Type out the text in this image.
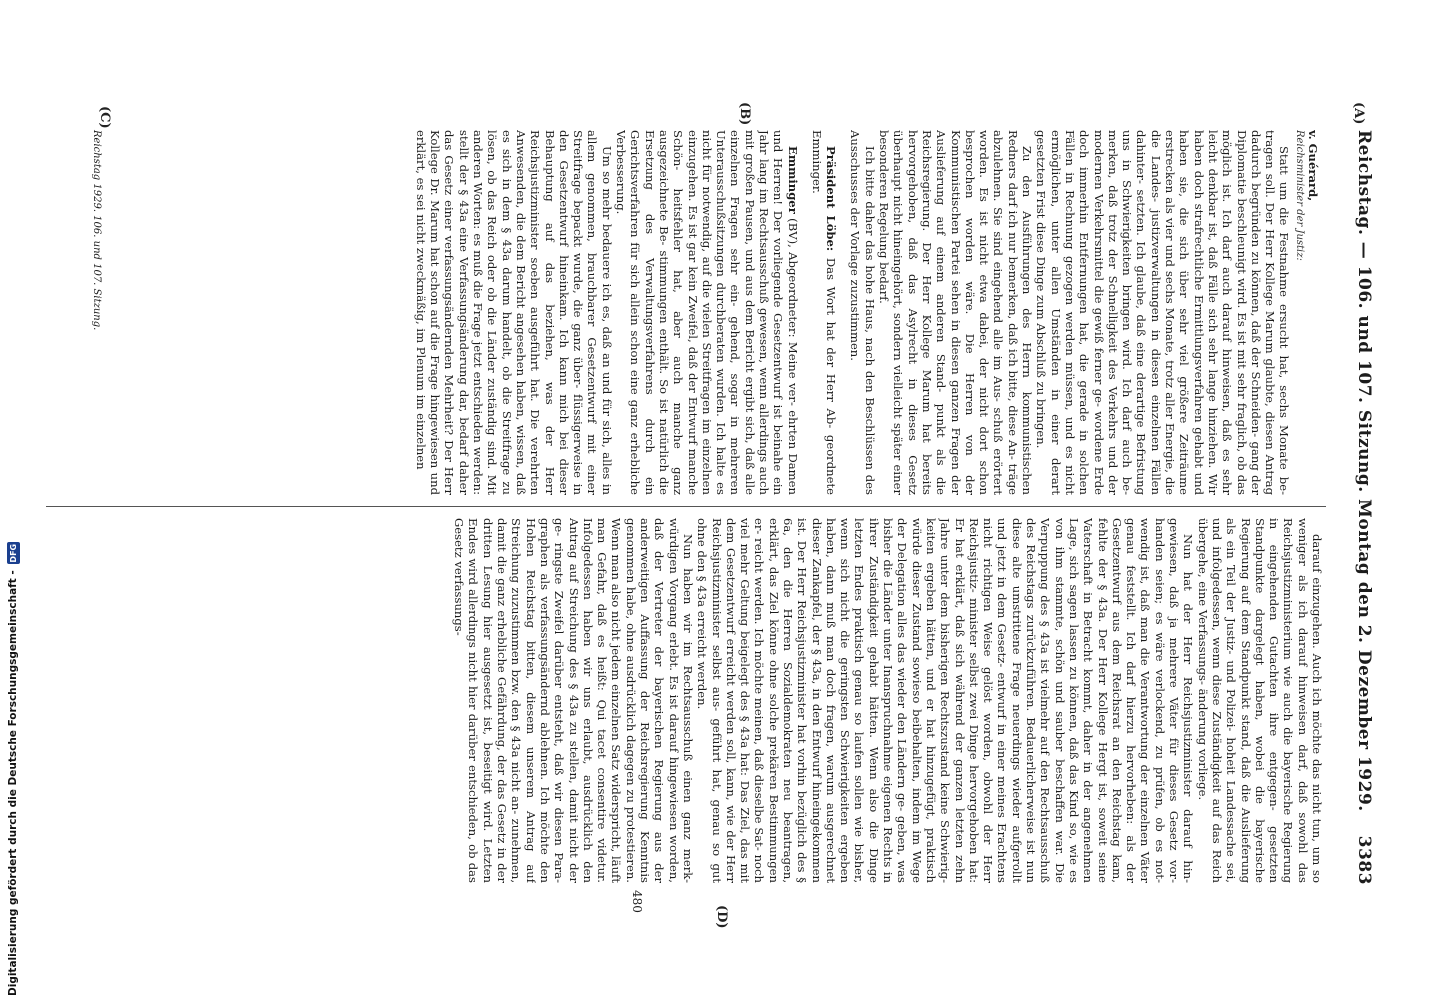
Reichstag. — 106. und 107. Sitzung. Montag den 2. Dezember 1929.
3383
(A)
(B)
(C)
(D)
v. Guérard,
Reichsminister der Justiz:

Statt um die Festnahme ersucht hat, sechs Monate be- tragen soll. Der Herr Kollege Marum glaubte, diesen Antrag dadurch begründen zu können, daß der Schneiden- gang der Diplomatie beschleunigt wird. Es ist mit sehr fraglich, ob das möglich ist. Ich darf auch darauf hinweisen, daß es sehr leicht denkbar ist, daß Fälle sich sehr lange hinziehen. Wir haben doch strafrechtliche Ermittlungsverfahren gehabt und haben sie, die sich über sehr viel größere Zeiträume erstrecken als vier und sechs Monate, trotz aller Energie, die die Landes- justizverwaltungen in diesen einzelnen Fällen dahinter- setzten. Ich glaube, daß eine derartige Befristung uns in Schwierigkeiten bringen wird. Ich darf auch be- merken, daß trotz der Schnelligkeit des Verkehrs und der modernen Verkehrsmittel die gewiß ferner ge- wordene Erde doch immerhin Entfernungen hat, die gerade in solchen Fällen in Rechnung gezogen werden müssen, und es nicht ermöglichen, unter allen Umständen in einer derart gesetzten Frist diese Dinge zum Abschluß zu bringen.

Zu den Ausführungen des Herrn kommunistischen Redners darf ich nur bemerken, daß ich bitte, diese An- träge abzulehnen. Sie sind eingehend alle im Aus- schuß erörtert worden. Es ist nicht etwa dabei, der nicht dort schon besprochen worden wäre. Die Herren von der Kommunistischen Partei sehen in diesen ganzen Fragen der Auslieferung auf einem anderen Stand- punkt als die Reichsregierung. Der Herr Kollege Marum hat bereits hervorgehoben, daß das Asylrecht in dieses Gesetz überhaupt nicht hineingehört, sondern vielleicht später einer besonderen Regelung bedarf.

Ich bitte daher das hohe Haus, nach den Beschlüssen des Ausschusses der Vorlage zuzustimmen.

Präsident Löbe: Das Wort hat der Herr Ab- geordnete Emminger.

Emminger (BV), Abgeordneter: Meine ver- ehrten Damen und Herren! Der vorliegende Gesetzentwurf ist beinahe ein Jahr lang im Rechtsausschuß gewesen, wenn allerdings auch mit großen Pausen, und aus dem Bericht ergibt sich, daß alle einzelnen Fragen sehr ein- gehend, sogar in mehreren Unterausschußsitzungen durchberaten wurden. Ich halte es nicht für notwendig, auf die vielen Streitfragen im einzelnen einzugehen. Es ist gar kein Zweifel, daß der Entwurf manche Schön- heitsfehler hat, aber auch manche ganz ausgezeichnete Be- stimmungen enthält. So ist natürlich die Ersetzung des Verwaltungsverfahrens durch ein Gerichtsverfahren für sich allein schon eine ganz erhebliche Verbesserung.

Um so mehr bedauere ich es, daß an und für sich, alles in allem genommen, brauchbarer Gesetzentwurf mit einer Streitfrage bepackt wurde, die ganz über- flüssigerweise in den Gesetzentwurf hineinkam. Ich kann mich bei dieser Behauptung auf das beziehen, was der Herr Reichsjustizminister soeben ausgeführt hat. Die verehrten Anwesenden, die dem Bericht angesehen haben, wissen, daß es sich in dem § 43a darum handelt, ob die Streitfrage zu lösen, ob das Reich oder ob die Länder zuständig sind. Mit anderen Worten: es muß die Frage jetzt entschieden werden: stellt der § 43a eine Verfassungsänderung dar, bedarf daher das Gesetz einer verfassungsändernden Mehrheit? Der Herr Kollege Dr. Marum hat schon auf die Frage hingewiesen und erklärt, es sei nicht zweckmäßig, im Plenum im einzelnen

darauf einzugehen. Auch ich möchte das nicht tun, um so weniger als ich darauf hinweisen darf, daß sowohl das Reichsjustizministerium wie auch die bayerische Regierung in eingehenden Gutachten ihre entgegen- gesetzten Standpunkte dargelegt haben, wobei die bayerische Regierung auf dem Standpunkt stand, daß die Auslieferung als ein Teil der Justiz- und Polizei- hoheit Landessache sei, und infolgedessen, wenn diese Zuständigkeit auf das Reich übergehe, eine Verfassungs- änderung vorliege.

Nun hat der Herr Reichsjustizminister darauf hin- gewiesen, daß ja mehrere Väter für dieses Gesetz vor- handen seien; es wäre verlockend, zu prüfen, ob es not- wendig ist, daß man die Verantwortung der einzelnen Väter genau feststellt. Ich darf hierzu hervorheben: als der Gesetzentwurf aus dem Reichsrat an den Reichstag kam, fehlte der § 43a. Der Herr Kollege Hergt ist, soweit seine Vaterschaft in Betracht kommt, daher in der angenehmen Lage, sich sagen lassen zu können, daß das Kind so, wie es von ihm stammte, schön und sauber beschaffen war. Die Verpuppung des § 43a ist vielmehr auf den Rechtsausschuß des Reichstags zurückzuführen. Bedauerlicherweise ist nun diese alte umstrittene Frage neuerdings wieder aufgerollt und jetzt in dem Gesetz- entwurf in einer meines Erachtens nicht richtigen Weise gelöst worden, obwohl der Herr Reichsjustiz- minister selbst zwei Dinge hervorgehoben hat: Er hat erklärt, daß sich während der ganzen letzten zehn Jahre unter dem bisherigen Rechtszustand keine Schwierig- keiten ergeben hätten, und er hat hinzugefügt, praktisch würde dieser Zustand sowieso beibehalten, indem im Wege der Delegation alles das wieder den Ländern ge- geben, was bisher die Länder unter Inanspruchnahme eigenen Rechts in ihrer Zuständigkeit gehabt hätten. Wenn also die Dinge letzten Endes praktisch genau so laufen sollen wie bisher, wenn sich nicht die geringsten Schwierigkeiten ergeben haben, dann muß man doch fragen, warum ausgerechnet dieser Zankapfel, der § 43a, in den Entwurf hineingekommen ist. Der Herr Reichsjustizminister hat vorhin bezüglich des § 6a, den die Herren Sozialdemokraten neu beantragen, erklärt, das Ziel könne ohne solche prekären Bestimmungen er- reicht werden. Ich möchte meinen, daß dieselbe Sat- noch viel mehr Geltung beigelegt des § 43a hat: Das Ziel, das mit dem Gesetzentwurf erreicht werden soll, kann, wie der Herr Reichsjustizminister selbst aus- geführt hat, genau so gut ohne den § 43a erreicht werden.

Nun haben wir im Rechtsausschuß einen ganz merk- würdigen Vorgang erlebt. Es ist darauf hingewiesen worden, daß der Vertreter der bayerischen Regierung aus der anderweitigen Auffassung der Reichsregierung Kenntnis genommen habe, ohne ausdrücklich dagegen zu protestieren. Wenn man also nicht jedem einzelnen Satz widerspricht, läuft man Gefahr, daß es heißt: Qui tacet consentire videtur. Infolgedessen haben wir uns erlaubt, ausdrücklich den Antrag auf Streichung des § 43a zu stellen, damit nicht der ge- ringste Zweifel darüber entsteht, daß wir diesen Para- graphen als verfassungsändernd ablehnen. Ich möchte den Hohen Reichstag bitten, diesem unserem Antrag auf Streichung zuzustimmen bzw. den § 43a nicht an- zunehmen, damit die ganz erhebliche Gefährdung, der das Gesetz in der dritten Lesung hier ausgesetzt ist, beseitigt wird. Letzten Endes wird allerdings nicht hier darüber entschieden, ob das Gesetz verfassungs-

Reichstag 1929. 106. und 107. Sitzung.
480
Digitalisierung gefördert durch die Deutsche Forschungsgemeinschaft -
DFG
